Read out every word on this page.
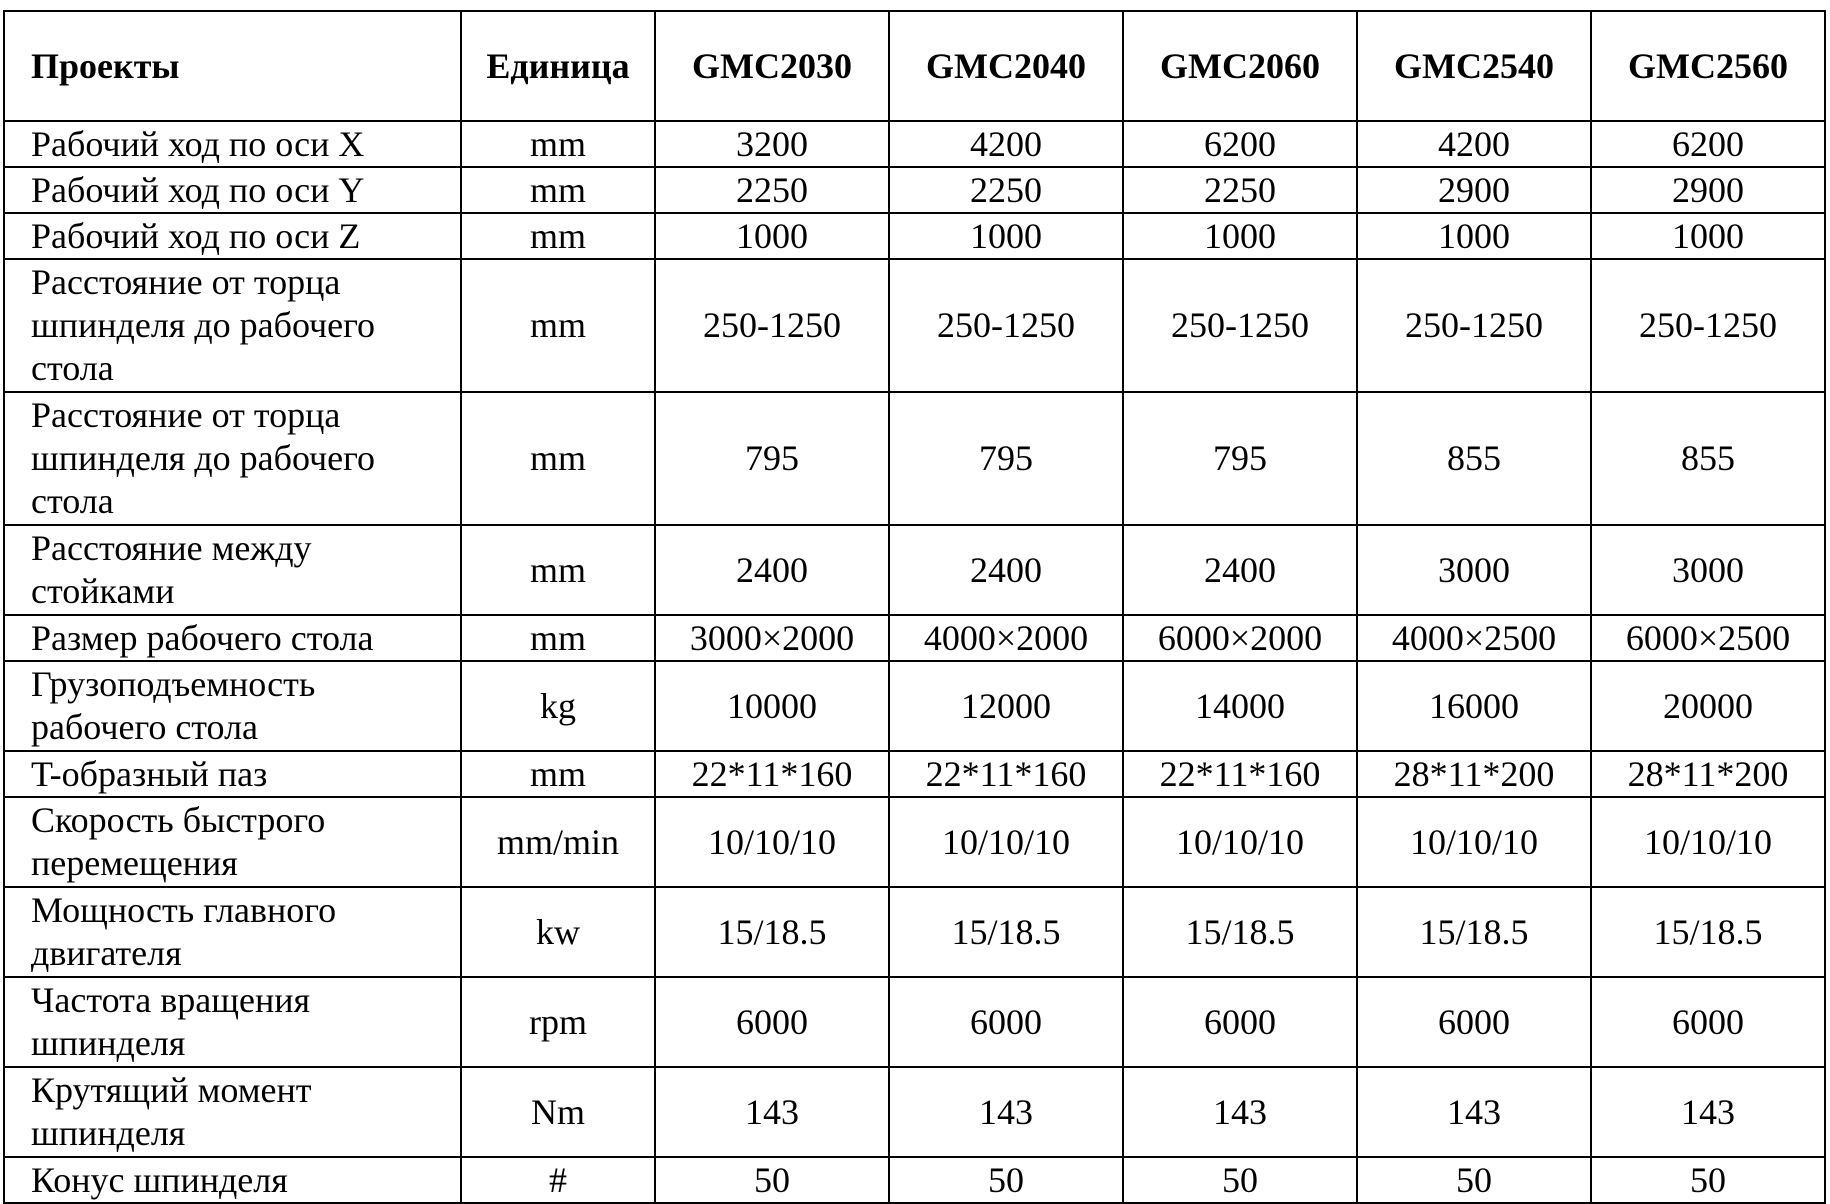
Проекты	Единица	GMC2030	GMC2040	GMC2060	GMC2540	GMC2560
Рабочий ход по оси X	mm	3200	4200	6200	4200	6200
Рабочий ход по оси Y	mm	2250	2250	2250	2900	2900
Рабочий ход по оси Z	mm	1000	1000	1000	1000	1000
Расстояние от торца шпинделя до рабочего стола	mm	250-1250	250-1250	250-1250	250-1250	250-1250
Расстояние от торца шпинделя до рабочего стола	mm	795	795	795	855	855
Расстояние между стойками	mm	2400	2400	2400	3000	3000
Размер рабочего стола	mm	3000×2000	4000×2000	6000×2000	4000×2500	6000×2500
Грузоподъемность рабочего стола	kg	10000	12000	14000	16000	20000
T-образный паз	mm	22*11*160	22*11*160	22*11*160	28*11*200	28*11*200
Скорость быстрого перемещения	mm/min	10/10/10	10/10/10	10/10/10	10/10/10	10/10/10
Мощность главного двигателя	kw	15/18.5	15/18.5	15/18.5	15/18.5	15/18.5
Частота вращения шпинделя	rpm	6000	6000	6000	6000	6000
Крутящий момент шпинделя	Nm	143	143	143	143	143
Конус шпинделя	#	50	50	50	50	50
